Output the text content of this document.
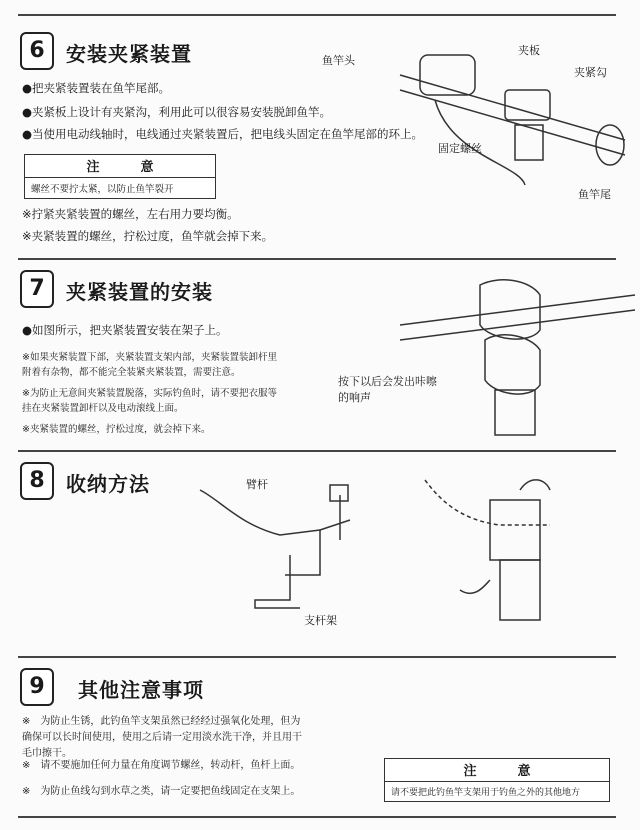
6	安装夹紧装置
●把夹紧装置装在鱼竿尾部。
●夹紧板上设计有夹紧沟，利用此可以很容易安装脱卸鱼竿。
●当使用电动线轴时，电线通过夹紧装置后，把电线头固定在鱼竿尾部的环上。
注　意
螺丝不要拧太紧，以防止鱼竿裂开
※拧紧夹紧装置的螺丝，左右用力要均衡。
※夹紧装置的螺丝，拧松过度，鱼竿就会掉下来。
鱼竿头
夹板
夹紧勾
固定螺丝
鱼竿尾
7	夹紧装置的安装
●如图所示，把夹紧装置安装在架子上。
※如果夹紧装置下部，夹紧装置支架内部，夹紧装置装卸杆里附着有杂物，都不能完全装紧夹紧装置，需要注意。
※为防止无意间夹紧装置脱落，实际钓鱼时，请不要把衣服等挂在夹紧装置卸杆以及电动滚线上面。
※夹紧装置的螺丝，拧松过度，就会掉下来。
按下以后会发出咔嚓的响声
8	收纳方法	臂杆
支杆架
9	其他注意事项
※　为防止生锈，此钓鱼竿支架虽然已经经过强氧化处理，但为确保可以长时间使用，使用之后请一定用淡水洗干净，并且用干毛巾擦干。
※　请不要施加任何力量在角度调节螺丝，转动杆，鱼杆上面。
※　为防止鱼线勾到水草之类，请一定要把鱼线固定在支架上。
注　意
请不要把此钓鱼竿支架用于钓鱼之外的其他地方
